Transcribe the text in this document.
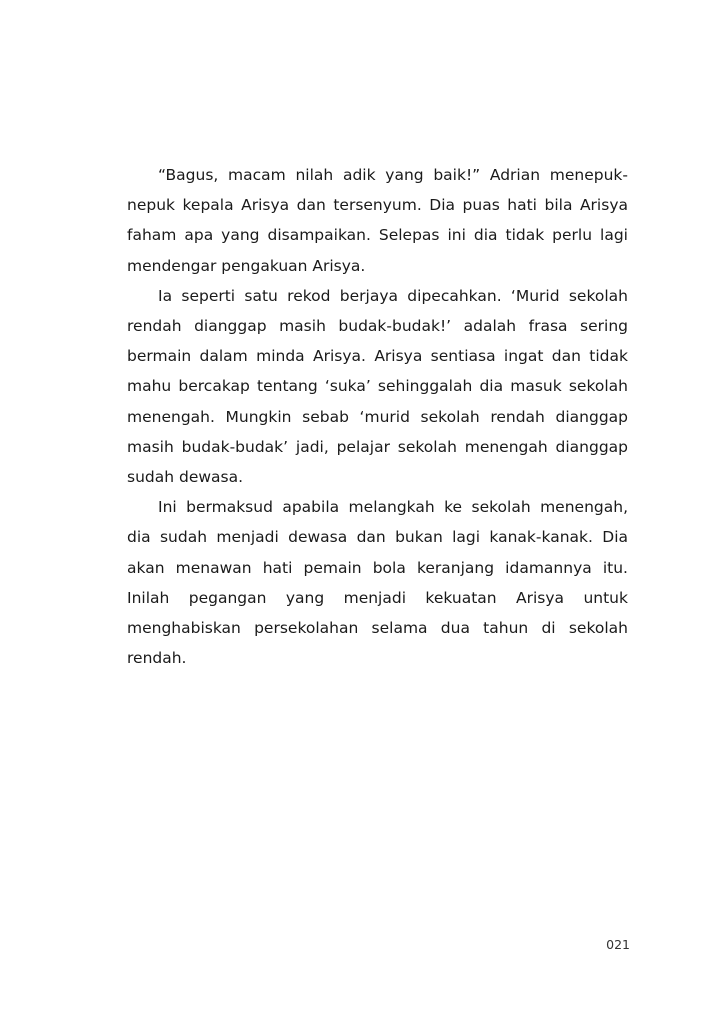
“Bagus, macam nilah adik yang baik!” Adrian menepuk-nepuk kepala Arisya dan tersenyum. Dia puas hati bila Arisya faham apa yang disampaikan. Selepas ini dia tidak perlu lagi mendengar pengakuan Arisya.

Ia seperti satu rekod berjaya dipecahkan. ‘Murid sekolah rendah dianggap masih budak-budak!’ adalah frasa sering bermain dalam minda Arisya. Arisya sentiasa ingat dan tidak mahu bercakap tentang ‘suka’ sehinggalah dia masuk sekolah menengah. Mungkin sebab ‘murid sekolah rendah dianggap masih budak-budak’ jadi, pelajar sekolah menengah dianggap sudah dewasa.

Ini bermaksud apabila melangkah ke sekolah menengah, dia sudah menjadi dewasa dan bukan lagi kanak-kanak. Dia akan menawan hati pemain bola keranjang idamannya itu. Inilah pegangan yang menjadi kekuatan Arisya untuk menghabiskan persekolahan selama dua tahun di sekolah rendah.

021
